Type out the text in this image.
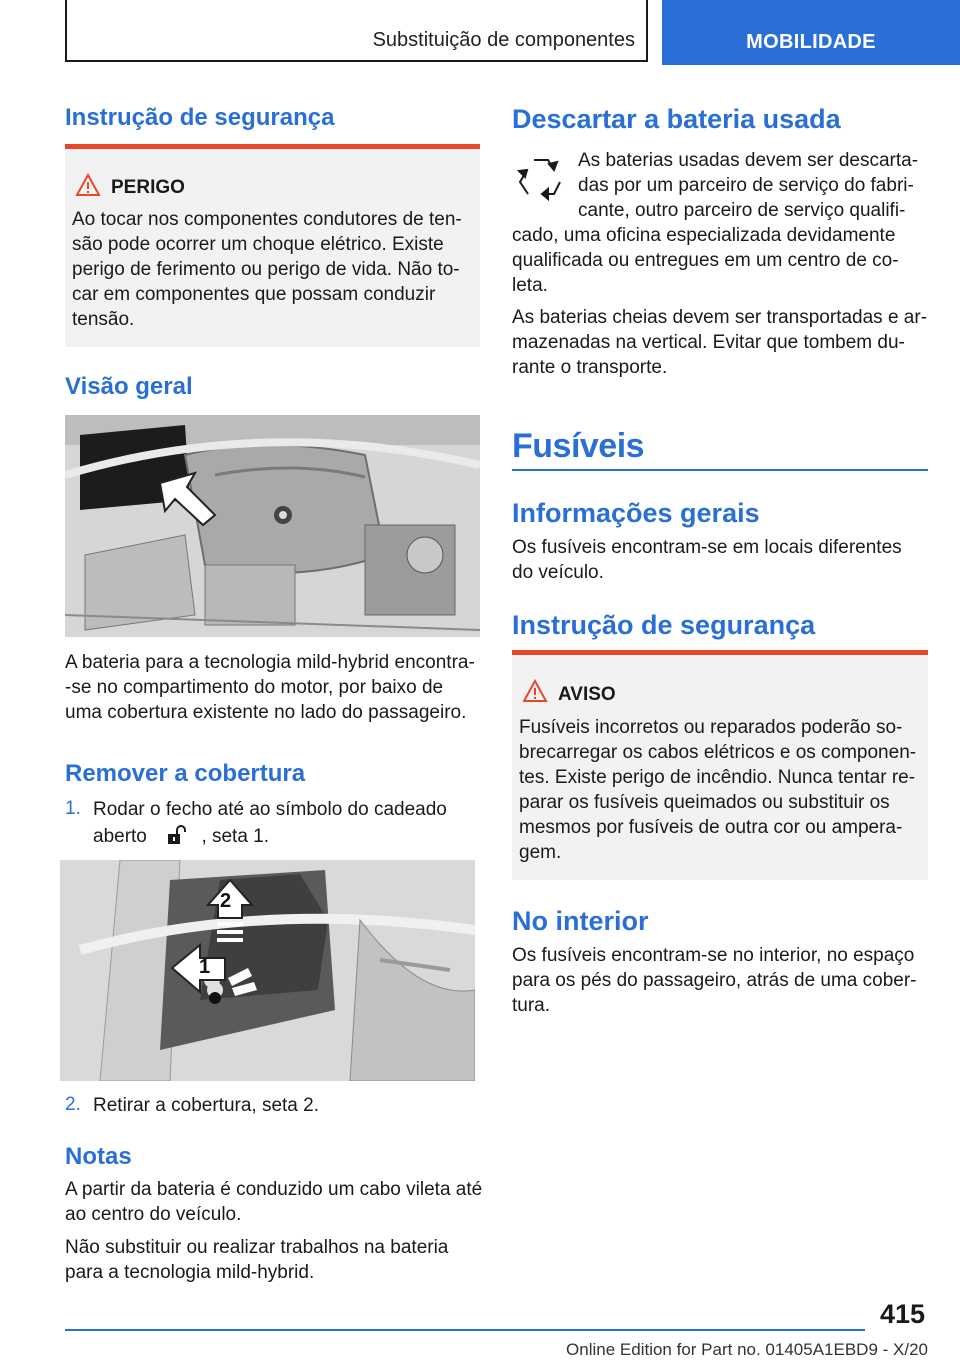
Substituição de componentes	MOBILIDADE
Instrução de segurança
PERIGO
Ao tocar nos componentes condutores de ten-
são pode ocorrer um choque elétrico. Existe
perigo de ferimento ou perigo de vida. Não to-
car em componentes que possam conduzir
tensão.
Visão geral
A bateria para a tecnologia mild-hybrid encontra-
-se no compartimento do motor, por baixo de
uma cobertura existente no lado do passageiro.
Remover a cobertura
1. Rodar o fecho até ao símbolo do cadeado
aberto	, seta 1.
2
1
2. Retirar a cobertura, seta 2.
Notas
A partir da bateria é conduzido um cabo vileta até
ao centro do veículo.
Não substituir ou realizar trabalhos na bateria
para a tecnologia mild-hybrid.
Descartar a bateria usada
As baterias usadas devem ser descarta-
das por um parceiro de serviço do fabri-
cante, outro parceiro de serviço qualifi-
cado, uma oficina especializada devidamente
qualificada ou entregues em um centro de co-
leta.
As baterias cheias devem ser transportadas e ar-
mazenadas na vertical. Evitar que tombem du-
rante o transporte.
Fusíveis
Informações gerais
Os fusíveis encontram-se em locais diferentes
do veículo.
Instrução de segurança
AVISO
Fusíveis incorretos ou reparados poderão so-
brecarregar os cabos elétricos e os componen-
tes. Existe perigo de incêndio. Nunca tentar re-
parar os fusíveis queimados ou substituir os
mesmos por fusíveis de outra cor ou ampera-
gem.
No interior
Os fusíveis encontram-se no interior, no espaço
para os pés do passageiro, atrás de uma cober-
tura.
415
Online Edition for Part no. 01405A1EBD9 - X/20
